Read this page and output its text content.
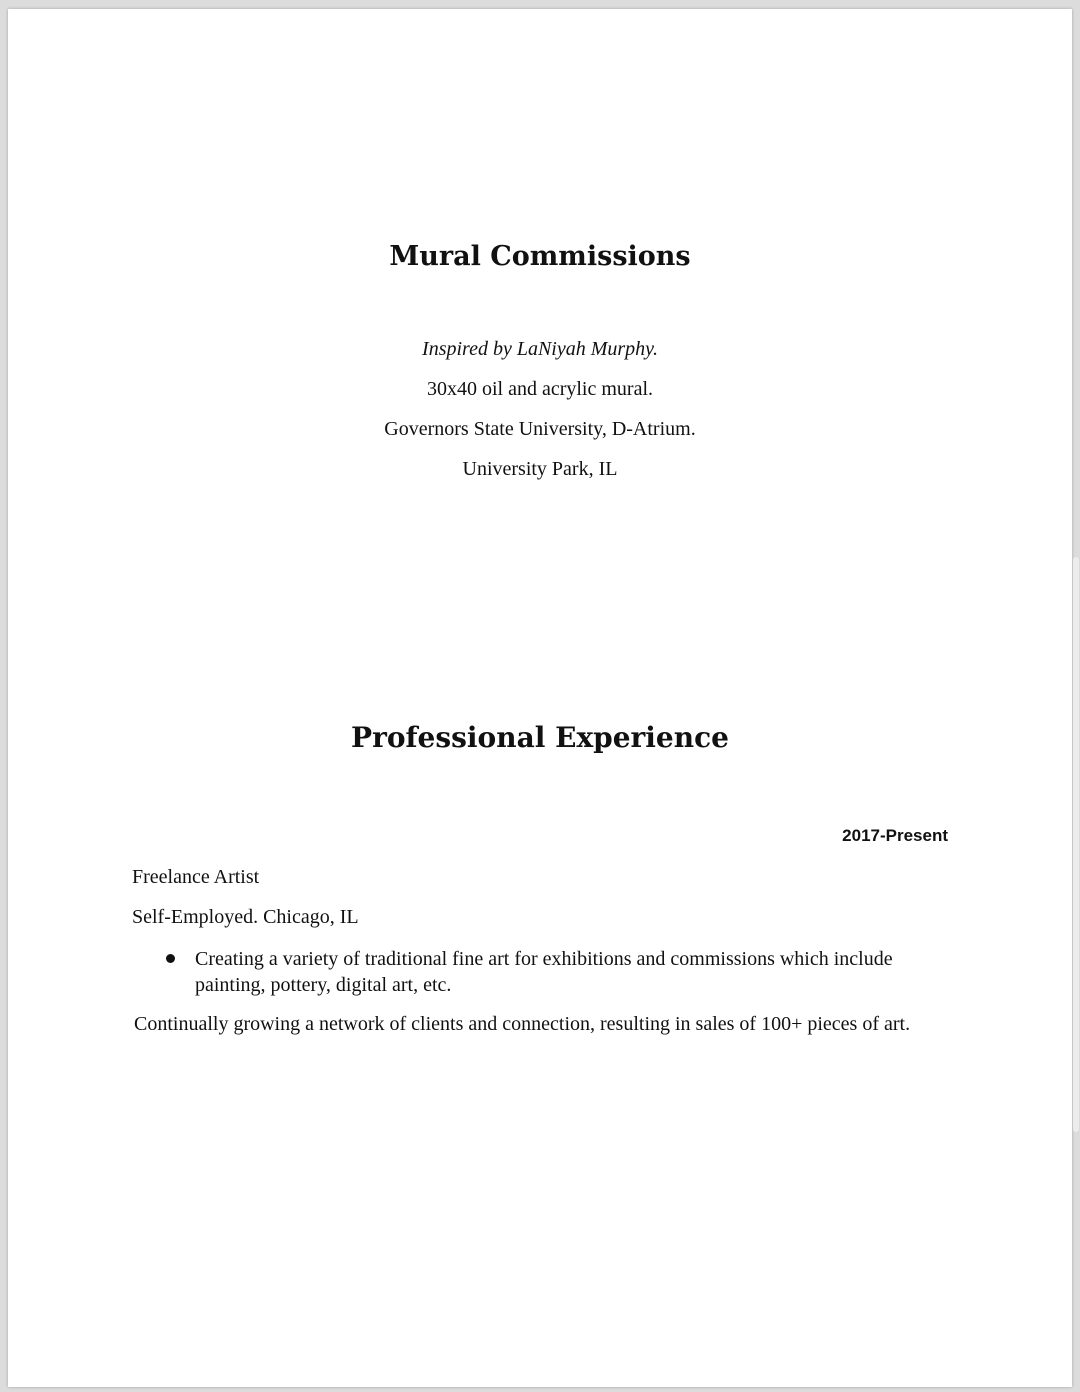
Mural Commissions

Inspired by LaNiyah Murphy.

30x40 oil and acrylic mural.

Governors State University, D-Atrium.

University Park, IL

Professional Experience
2017-Present

Freelance Artist

Self-Employed. Chicago, IL

Creating a variety of traditional fine art for exhibitions and commissions which include painting, pottery, digital art, etc.

Continually growing a network of clients and connection, resulting in sales of 100+ pieces of art.
